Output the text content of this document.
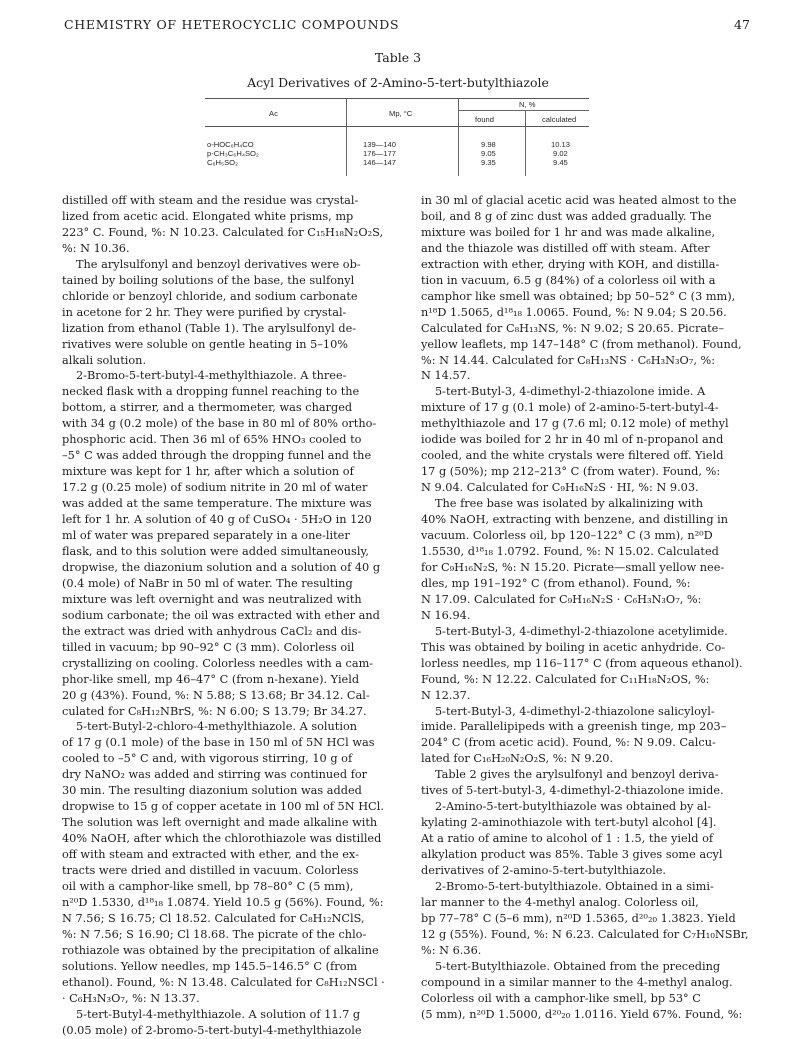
CHEMISTRY OF HETEROCYCLIC COMPOUNDS	47
Table 3
Acyl Derivatives of 2-Amino-5-tert-butylthiazole
Ac	Mp, °C
N, %
found	calculated
o-HOC₆H₄CO	139—140	9.98	10.13
p-CH₃C₆H₄SO₂	176—177	9.05	9.02
C₆H₅SO₂	146—147	9.35	9.45

distilled off with steam and the residue was crystal-

lized from acetic acid. Elongated white prisms, mp

223° C. Found, %: N 10.23. Calculated for C₁₅H₁₈N₂O₂S,

%: N 10.36.

The arylsulfonyl and benzoyl derivatives were ob-

tained by boiling solutions of the base, the sulfonyl

chloride or benzoyl chloride, and sodium carbonate

in acetone for 2 hr. They were purified by crystal-

lization from ethanol (Table 1). The arylsulfonyl de-

rivatives were soluble on gentle heating in 5–10%

alkali solution.

2-Bromo-5-tert-butyl-4-methylthiazole. A three-

necked flask with a dropping funnel reaching to the

bottom, a stirrer, and a thermometer, was charged

with 34 g (0.2 mole) of the base in 80 ml of 80% ortho-

phosphoric acid. Then 36 ml of 65% HNO₃ cooled to

–5° C was added through the dropping funnel and the

mixture was kept for 1 hr, after which a solution of

17.2 g (0.25 mole) of sodium nitrite in 20 ml of water

was added at the same temperature. The mixture was

left for 1 hr. A solution of 40 g of CuSO₄ · 5H₂O in 120

ml of water was prepared separately in a one-liter

flask, and to this solution were added simultaneously,

dropwise, the diazonium solution and a solution of 40 g

(0.4 mole) of NaBr in 50 ml of water. The resulting

mixture was left overnight and was neutralized with

sodium carbonate; the oil was extracted with ether and

the extract was dried with anhydrous CaCl₂ and dis-

tilled in vacuum; bp 90–92° C (3 mm). Colorless oil

crystallizing on cooling. Colorless needles with a cam-

phor-like smell, mp 46–47° C (from n-hexane). Yield

20 g (43%). Found, %: N 5.88; S 13.68; Br 34.12. Cal-

culated for C₈H₁₂NBrS, %: N 6.00; S 13.79; Br 34.27.

5-tert-Butyl-2-chloro-4-methylthiazole. A solution

of 17 g (0.1 mole) of the base in 150 ml of 5N HCl was

cooled to –5° C and, with vigorous stirring, 10 g of

dry NaNO₂ was added and stirring was continued for

30 min. The resulting diazonium solution was added

dropwise to 15 g of copper acetate in 100 ml of 5N HCl.

The solution was left overnight and made alkaline with

40% NaOH, after which the chlorothiazole was distilled

off with steam and extracted with ether, and the ex-

tracts were dried and distilled in vacuum. Colorless

oil with a camphor-like smell, bp 78–80° C (5 mm),

n²⁰D 1.5330, d¹⁸₁₈ 1.0874. Yield 10.5 g (56%). Found, %:

N 7.56; S 16.75; Cl 18.52. Calculated for C₈H₁₂NClS,

%: N 7.56; S 16.90; Cl 18.68. The picrate of the chlo-

rothiazole was obtained by the precipitation of alkaline

solutions. Yellow needles, mp 145.5–146.5° C (from

ethanol). Found, %: N 13.48. Calculated for C₈H₁₂NSCl ·

· C₆H₃N₃O₇, %: N 13.37.

5-tert-Butyl-4-methylthiazole. A solution of 11.7 g

(0.05 mole) of 2-bromo-5-tert-butyl-4-methylthiazole

in 30 ml of glacial acetic acid was heated almost to the

boil, and 8 g of zinc dust was added gradually. The

mixture was boiled for 1 hr and was made alkaline,

and the thiazole was distilled off with steam. After

extraction with ether, drying with KOH, and distilla-

tion in vacuum, 6.5 g (84%) of a colorless oil with a

camphor like smell was obtained; bp 50–52° C (3 mm),

n¹⁸D 1.5065, d¹⁸₁₈ 1.0065. Found, %: N 9.04; S 20.56.

Calculated for C₈H₁₃NS, %: N 9.02; S 20.65. Picrate–

yellow leaflets, mp 147–148° C (from methanol). Found,

%: N 14.44. Calculated for C₈H₁₃NS · C₆H₃N₃O₇, %:

N 14.57.

5-tert-Butyl-3, 4-dimethyl-2-thiazolone imide. A

mixture of 17 g (0.1 mole) of 2-amino-5-tert-butyl-4-

methylthiazole and 17 g (7.6 ml; 0.12 mole) of methyl

iodide was boiled for 2 hr in 40 ml of n-propanol and

cooled, and the white crystals were filtered off. Yield

17 g (50%); mp 212–213° C (from water). Found, %:

N 9.04. Calculated for C₉H₁₆N₂S · HI, %: N 9.03.

The free base was isolated by alkalinizing with

40% NaOH, extracting with benzene, and distilling in

vacuum. Colorless oil, bp 120–122° C (3 mm), n²⁰D

1.5530, d¹⁸₁₈ 1.0792. Found, %: N 15.02. Calculated

for C₉H₁₆N₂S, %: N 15.20. Picrate—small yellow nee-

dles, mp 191–192° C (from ethanol). Found, %:

N 17.09. Calculated for C₉H₁₆N₂S · C₆H₃N₃O₇, %:

N 16.94.

5-tert-Butyl-3, 4-dimethyl-2-thiazolone acetylimide.

This was obtained by boiling in acetic anhydride. Co-

lorless needles, mp 116–117° C (from aqueous ethanol).

Found, %: N 12.22. Calculated for C₁₁H₁₈N₂OS, %:

N 12.37.

5-tert-Butyl-3, 4-dimethyl-2-thiazolone salicyloyl-

imide. Parallelipipeds with a greenish tinge, mp 203–

204° C (from acetic acid). Found, %: N 9.09. Calcu-

lated for C₁₆H₂₀N₂O₂S, %: N 9.20.

Table 2 gives the arylsulfonyl and benzoyl deriva-

tives of 5-tert-butyl-3, 4-dimethyl-2-thiazolone imide.

2-Amino-5-tert-butylthiazole was obtained by al-

kylating 2-aminothiazole with tert-butyl alcohol [4].

At a ratio of amine to alcohol of 1 : 1.5, the yield of

alkylation product was 85%. Table 3 gives some acyl

derivatives of 2-amino-5-tert-butylthiazole.

2-Bromo-5-tert-butylthiazole. Obtained in a simi-

lar manner to the 4-methyl analog. Colorless oil,

bp 77–78° C (5–6 mm), n²⁰D 1.5365, d²⁰₂₀ 1.3823. Yield

12 g (55%). Found, %: N 6.23. Calculated for C₇H₁₀NSBr,

%: N 6.36.

5-tert-Butylthiazole. Obtained from the preceding

compound in a similar manner to the 4-methyl analog.

Colorless oil with a camphor-like smell, bp 53° C

(5 mm), n²⁰D 1.5000, d²⁰₂₀ 1.0116. Yield 67%. Found, %:
